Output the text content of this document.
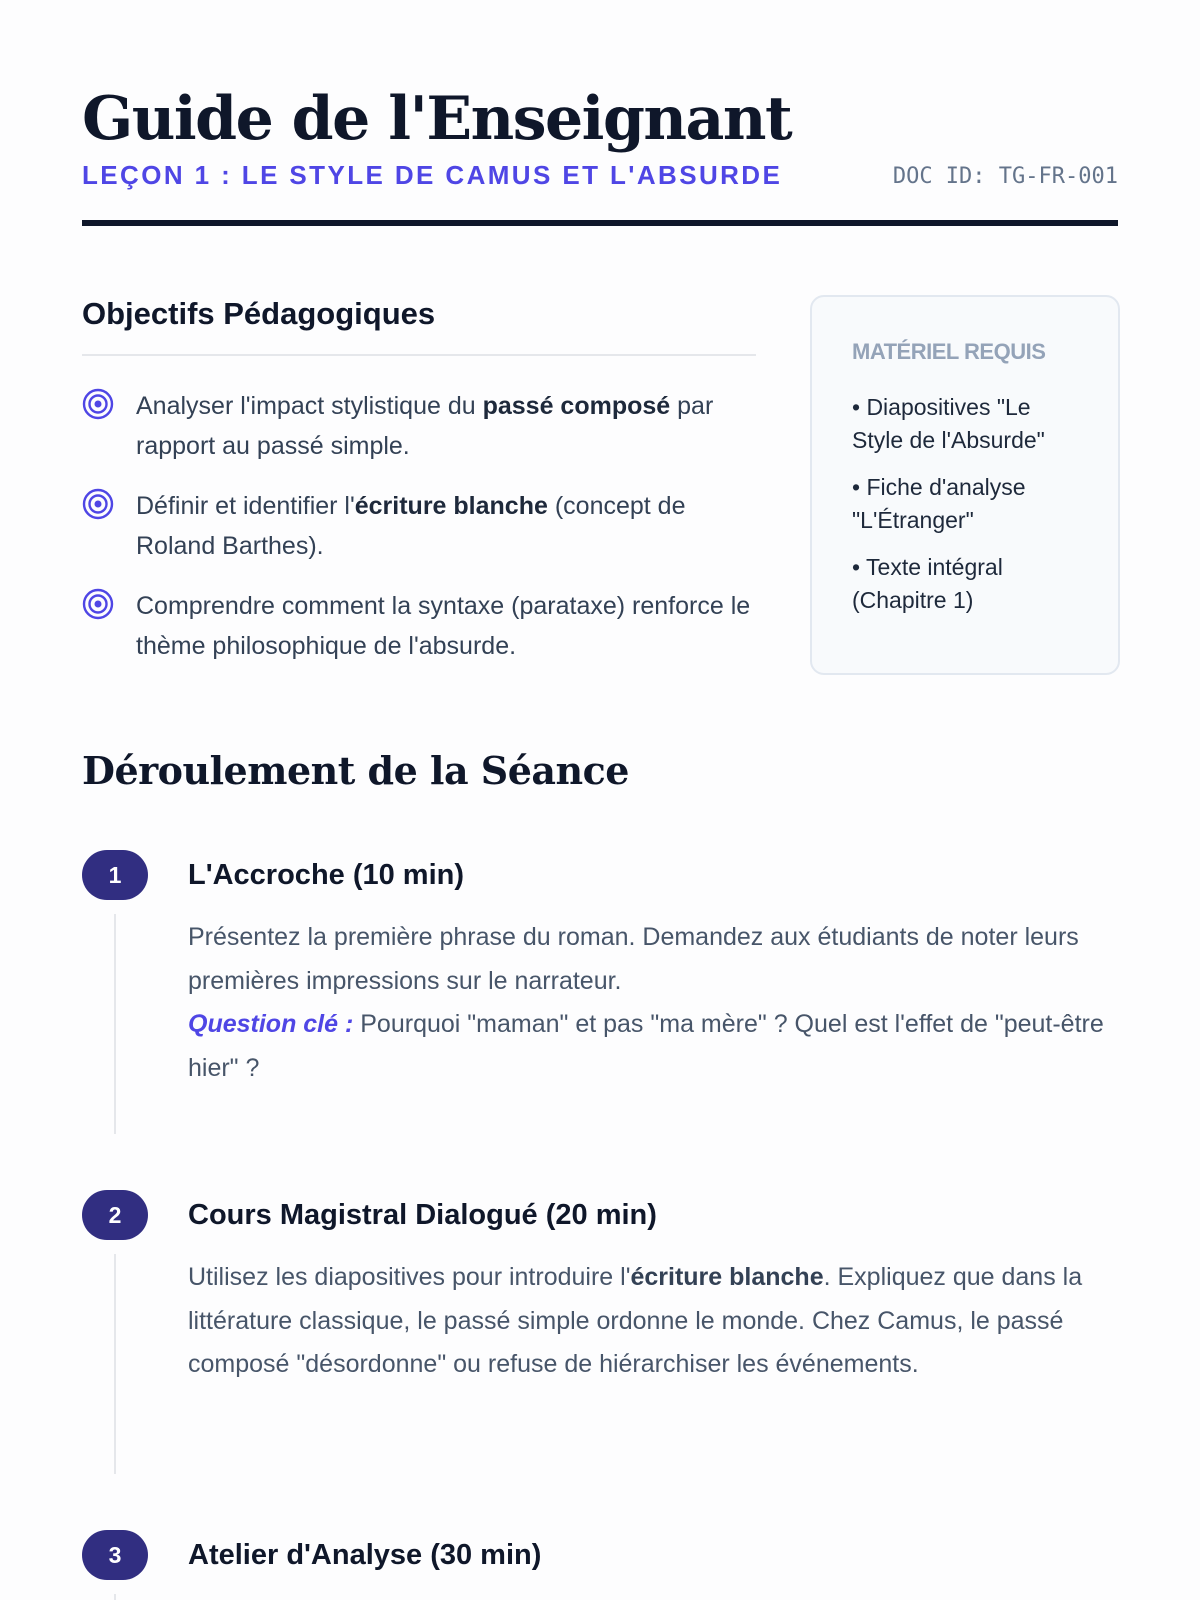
Guide de l'Enseignant

LEÇON 1 : LE STYLE DE CAMUS ET L'ABSURDE	DOC ID: TG-FR-001
Objectifs Pédagogiques
Analyser l'impact stylistique du passé composé par rapport au passé simple.
Définir et identifier l'écriture blanche (concept de Roland Barthes).
Comprendre comment la syntaxe (parataxe) renforce le thème philosophique de l'absurde.
MATÉRIEL REQUIS
• Diapositives "Le Style de l'Absurde"
• Fiche d'analyse "L'Étranger"
• Texte intégral (Chapitre 1)
Déroulement de la Séance
1	L'Accroche (10 min)

Présentez la première phrase du roman. Demandez aux étudiants de noter leurs premières impressions sur le narrateur.
Question clé : Pourquoi "maman" et pas "ma mère" ? Quel est l'effet de "peut-être hier" ?

2	Cours Magistral Dialogué (20 min)

Utilisez les diapositives pour introduire l'écriture blanche. Expliquez que dans la littérature classique, le passé simple ordonne le monde. Chez Camus, le passé composé "désordonne" ou refuse de hiérarchiser les événements.

3	Atelier d'Analyse (30 min)
